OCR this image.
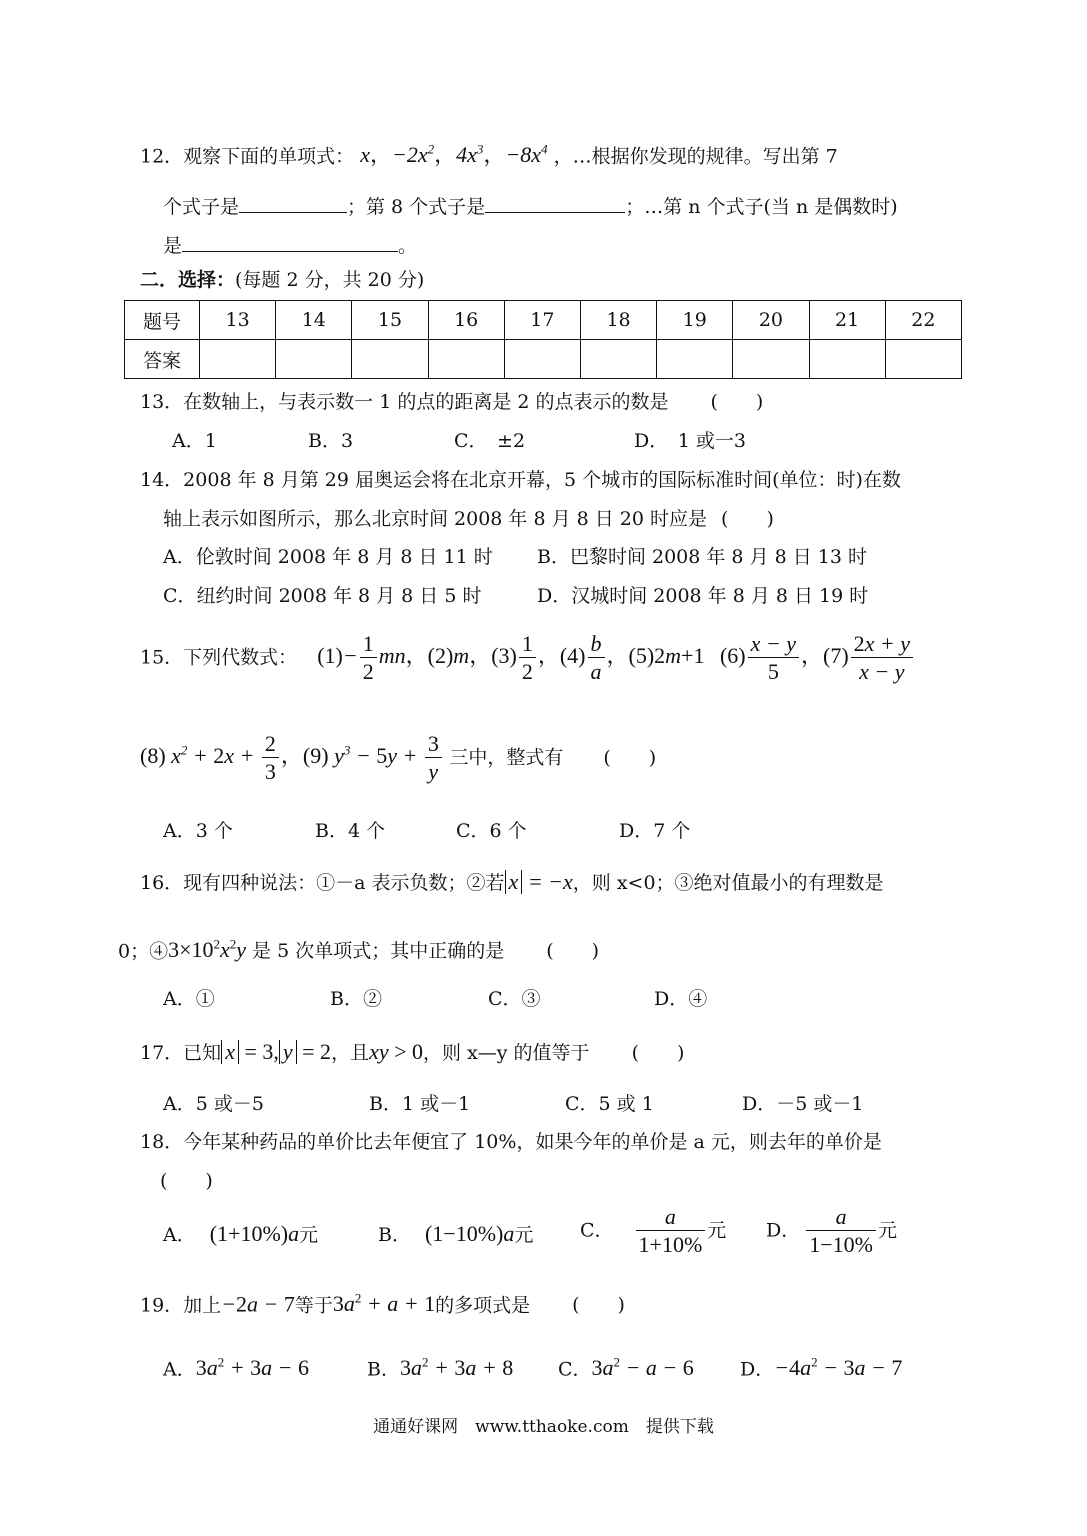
12．观察下面的单项式： x，$-2x^2$，$4x^3$，$-8x^4$ ，…根据你发现的规律。写出第 7
个式子是	；第 8 个式子是	；…第 n 个式子(当 n 是偶数时)
是	。
二．选择：(每题 2 分，共 20 分)
题号	13	14	15	16	17	18	19	20	21	22
答案										
13．在数轴上，与表示数一 1 的点的距离是 2 的点表示的数是 (　　)
A．1	B．3	C．　±2	D．　1 或一3
14．2008 年 8 月第 29 届奥运会将在北京开幕，5 个城市的国际标准时间(单位：时)在数
轴上表示如图所示，那么北京时间 2008 年 8 月 8 日 20 时应是 (　　)
A．伦敦时间 2008 年 8 月 8 日 11 时 B．巴黎时间 2008 年 8 月 8 日 13 时
C．纽约时间 2008 年 8 月 8 日 5 时	D．汉城时间 2008 年 8 月 8 日 19 时
15．下列代数式： $(1)- \frac{1}{2}$ mn，(2)m，$(3) \frac{1}{2}$ ，$(4) \frac{b}{a}$ ，(5)2m+1 $(6) \frac{x - y}{5}$ ，$(7) \frac{2x + y}{x - y}$
(8) $x^2 + 2x + \frac{2}{3}$ ，(9) $y^3 - 5y + \frac{3}{y}$ 三中，整式有 (　　)
A．3 个	B．4 个	C．6 个	D．7 个
16．现有四种说法：①－a 表示负数；②若 x = −x，则 x<0；③绝对值最小的有理数是
0；$④3\times 10^2x^2y$ 是 5 次单项式；其中正确的是 (　　)
A．①	B．②	C．③	D．④
17．已知 x = 3, y = 2，且xy > 0，则 x—y 的值等于 (　　)
A．5 或－5	B．1 或－1	C．5 或 1	D．－5 或－1
18．今年某种药品的单价比去年便宜了 10%，如果今年的单价是 a 元，则去年的单价是
(　　)
A． (1+10%)a元	B． (1−10%)a元 C． $\frac{a}{1+10\%}$ 元 D． $\frac{a}{1-10\%}$ 元
19．加上−2a − 7等于$3a^2 + a + 1$的多项式是 (　　)
A．$3a^2 + 3a - 6$	B．$3a^2 + 3a + 8$ C．$3a^2 - a - 6$ D．$-4a^2 - 3a - 7$
通通好课网　www.tthaoke.com　提供下载
